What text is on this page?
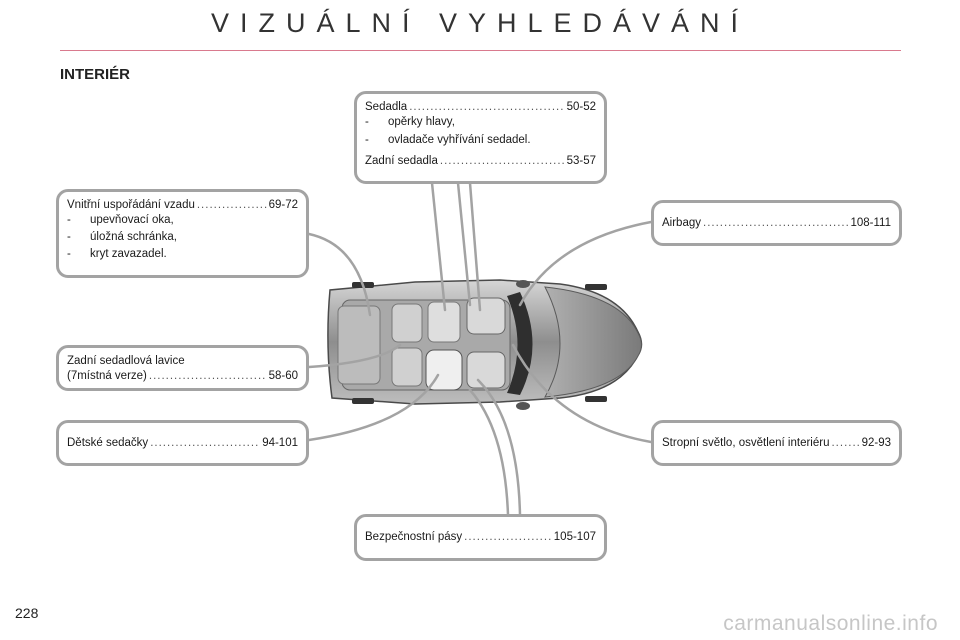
VIZUÁLNÍ VYHLEDÁVÁNÍ
INTERIÉR
Sedadla .....	50-52
- opěrky hlavy,
- ovladače vyhřívání sedadel.
Zadní sedadla .....	53-57
Vnitřní uspořádání vzadu .....	69-72
- upevňovací oka,
- úložná schránka,
- kryt zavazadel.
Airbagy .....	108-111
Zadní sedadlová lavice
(7místná verze) .....	58-60
Dětské sedačky .....	94-101	Stropní světlo, osvětlení interiéru .....	92-93
Bezpečnostní pásy .....	105-107
228	carmanualsonline.info
